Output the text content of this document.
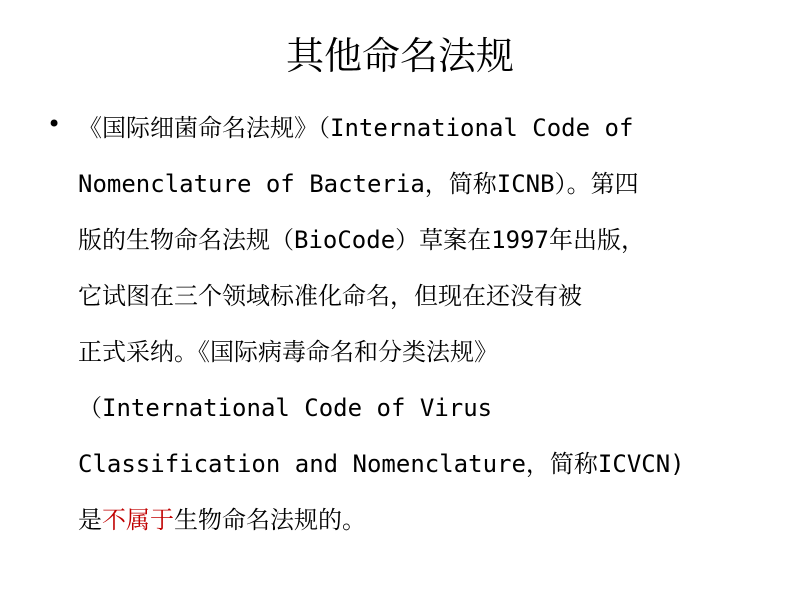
其他命名法规
• 《国际细菌命名法规》（International Code of
Nomenclature of Bacteria，简称ICNB）。第四
版的生物命名法规（BioCode）草案在1997年出版，
它试图在三个领域标准化命名，但现在还没有被
正式采纳。《国际病毒命名和分类法规》
（International Code of Virus
Classification and Nomenclature，简称ICVCN)
是不属于生物命名法规的。
